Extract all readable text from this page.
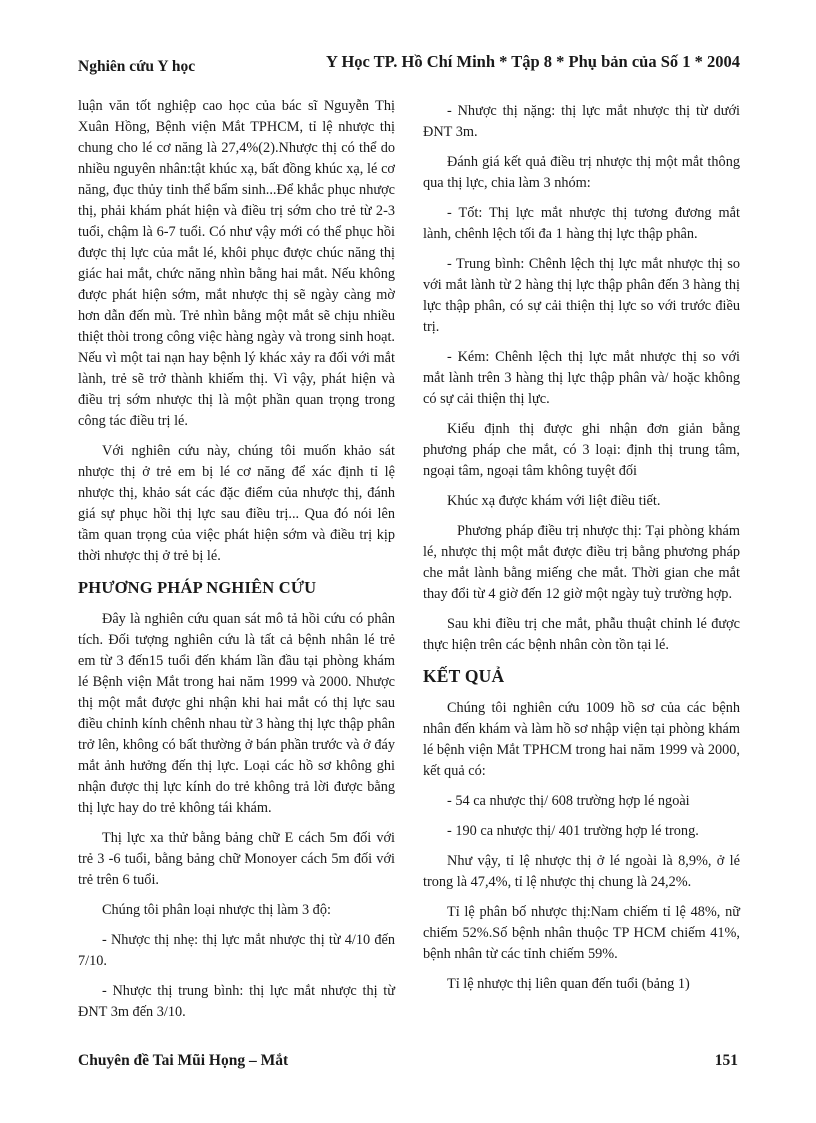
Nghiên cứu Y học	Y Học TP. Hồ Chí Minh * Tập 8 * Phụ bản của Số 1 * 2004

luận văn tốt nghiệp cao học của bác sĩ Nguyễn Thị Xuân Hồng, Bệnh viện Mắt TPHCM, tỉ lệ nhược thị chung cho lé cơ năng là 27,4%(2).Nhược thị có thể do nhiều nguyên nhân:tật khúc xạ, bất đồng khúc xạ, lé cơ năng, đục thủy tinh thể bẩm sinh...Để khắc phục nhược thị, phải khám phát hiện và điều trị sớm cho trẻ từ 2-3 tuổi, chậm là 6-7 tuổi. Có như vậy mới có thể phục hồi được thị lực của mắt lé, khôi phục được chúc năng thị giác hai mắt, chức năng nhìn bằng hai mắt. Nếu không được phát hiện sớm, mắt nhược thị sẽ ngày càng mờ hơn dẫn đến mù. Trẻ nhìn bằng một mắt sẽ chịu nhiều thiệt thòi trong công việc hàng ngày và trong sinh hoạt. Nếu vì một tai nạn hay bệnh lý khác xảy ra đối với mắt lành, trẻ sẽ trở thành khiếm thị. Vì vậy, phát hiện và điều trị sớm nhược thị là một phần quan trọng trong công tác điều trị lé.

Với nghiên cứu này, chúng tôi muốn khảo sát nhược thị ở trẻ em bị lé cơ năng để xác định tỉ lệ nhược thị, khảo sát các đặc điểm của nhược thị, đánh giá sự phục hồi thị lực sau điều trị... Qua đó nói lên tầm quan trọng của việc phát hiện sớm và điều trị kịp thời nhược thị ở trẻ bị lé.

PHƯƠNG PHÁP NGHIÊN CỨU

Đây là nghiên cứu quan sát mô tả hồi cứu có phân tích. Đối tượng nghiên cứu là tất cả bệnh nhân lé trẻ em từ 3 đến15 tuổi đến khám lần đầu tại phòng khám lé Bệnh viện Mắt trong hai năm 1999 và 2000. Nhược thị một mắt được ghi nhận khi hai mắt có thị lực sau điều chỉnh kính chênh nhau từ 3 hàng thị lực thập phân trở lên, không có bất thường ở bán phần trước và ở đáy mắt ảnh hưởng đến thị lực. Loại các hồ sơ không ghi nhận được thị lực kính do trẻ không trả lời được bằng thị lực hay do trẻ không tái khám.

Thị lực xa thử bằng bảng chữ E cách 5m đối với trẻ 3 -6 tuổi, bằng bảng chữ Monoyer cách 5m đối với trẻ trên 6 tuổi.

Chúng tôi phân loại nhược thị làm 3 độ:

- Nhược thị nhẹ: thị lực mắt nhược thị từ 4/10 đến 7/10.

- Nhược thị trung bình: thị lực mắt nhược thị từ ĐNT 3m đến 3/10.

- Nhược thị nặng: thị lực mắt nhược thị từ dưới ĐNT 3m.

Đánh giá kết quả điều trị nhược thị một mắt thông qua thị lực, chia làm 3 nhóm:

- Tốt: Thị lực mắt nhược thị tương đương mắt lành, chênh lệch tối đa 1 hàng thị lực thập phân.

- Trung bình: Chênh lệch thị lực mắt nhược thị so với mắt lành từ 2 hàng thị lực thập phân đến 3 hàng thị lực thập phân, có sự cải thiện thị lực so với trước điều trị.

- Kém: Chênh lệch thị lực mắt nhược thị so với mắt lành trên 3 hàng thị lực thập phân và/ hoặc không có sự cải thiện thị lực.

Kiểu định thị được ghi nhận đơn giản bằng phương pháp che mắt, có 3 loại: định thị trung tâm, ngoại tâm, ngoại tâm không tuyệt đối

Khúc xạ được khám với liệt điều tiết.

Phương pháp điều trị nhược thị: Tại phòng khám lé, nhược thị một mắt được điều trị bằng phương pháp che mắt lành bằng miếng che mắt. Thời gian che mắt thay đổi từ 4 giờ đến 12 giờ một ngày tuỳ trường hợp.

Sau khi điều trị che mắt, phẫu thuật chỉnh lé được thực hiện trên các bệnh nhân còn tồn tại lé.

KẾT QUẢ

Chúng tôi nghiên cứu 1009 hồ sơ của các bệnh nhân đến khám và làm hồ sơ nhập viện tại phòng khám lé bệnh viện Mắt TPHCM trong hai năm 1999 và 2000, kết quả có:

- 54 ca nhược thị/ 608 trường hợp lé ngoài

- 190 ca nhược thị/ 401 trường hợp lé trong.

Như vậy, tỉ lệ nhược thị ở lé ngoài là 8,9%, ở lé trong là 47,4%, tỉ lệ nhược thị chung là 24,2%.

Tỉ lệ phân bố nhược thị:Nam chiếm tỉ lệ 48%, nữ chiếm 52%.Số bệnh nhân thuộc TP HCM chiếm 41%, bệnh nhân từ các tỉnh chiếm 59%.

Tỉ lệ nhược thị liên quan đến tuổi (bảng 1)

Chuyên đề Tai Mũi Họng – Mắt	151
